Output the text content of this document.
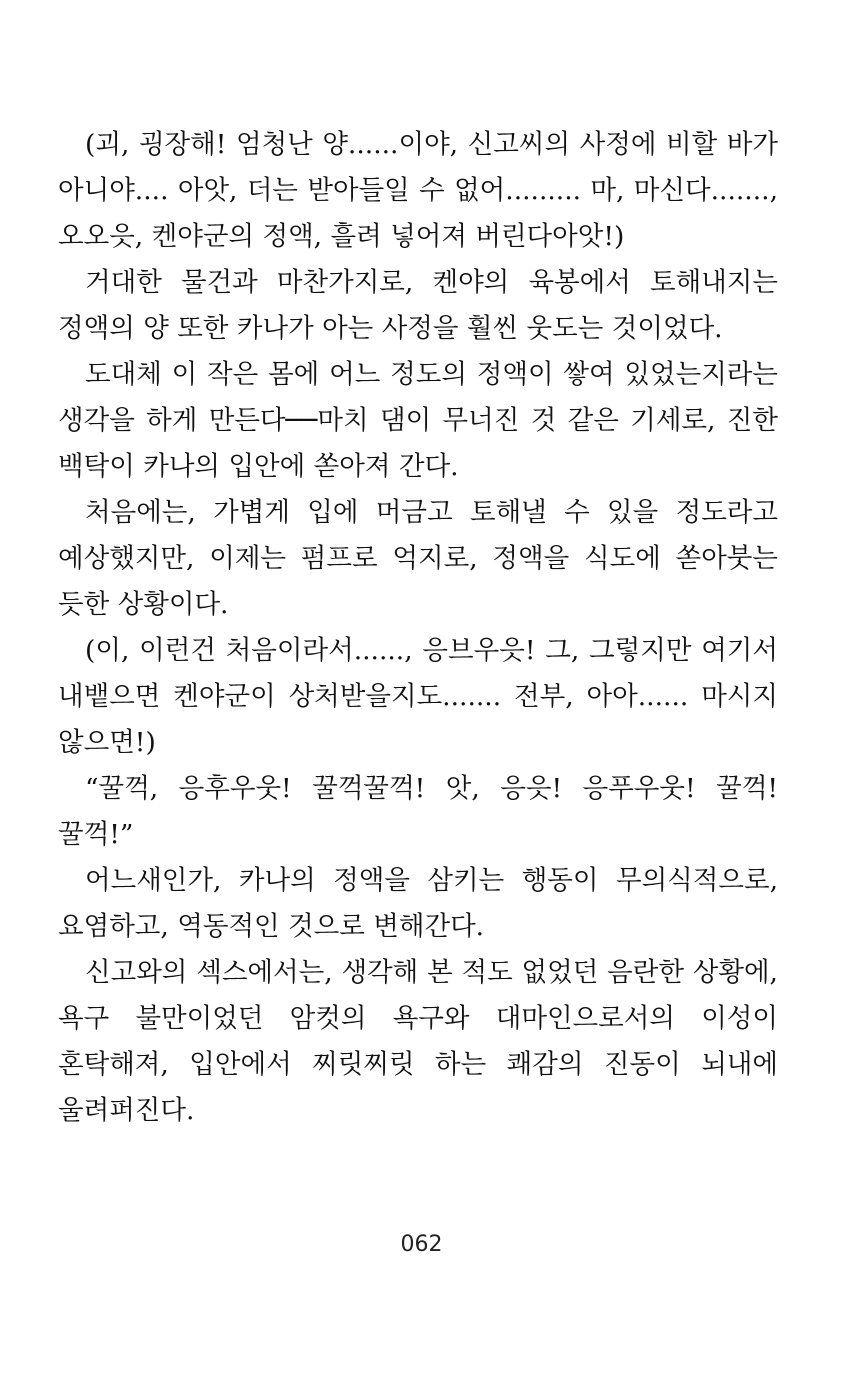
(괴, 굉장해! 엄청난 양......이야, 신고씨의 사정에 비할 바가 아니야.... 아앗, 더는 받아들일 수 없어......... 마, 마신다.......,오오읏, 켄야군의 정액, 흘려 넣어져 버린다아앗!)

거대한 물건과 마찬가지로, 켄야의 육봉에서 토해내지는 정액의 양 또한 카나가 아는 사정을 훨씬 웃도는 것이었다.

도대체 이 작은 몸에 어느 정도의 정액이 쌓여 있었는지라는 생각을 하게 만든다──마치 댐이 무너진 것 같은 기세로, 진한 백탁이 카나의 입안에 쏟아져 간다.

처음에는, 가볍게 입에 머금고 토해낼 수 있을 정도라고 예상했지만, 이제는 펌프로 억지로, 정액을 식도에 쏟아붓는 듯한 상황이다.

(이, 이런건 처음이라서......, 응브우읏! 그, 그렇지만 여기서 내뱉으면 켄야군이 상처받을지도....... 전부, 아아...... 마시지 않으면!)

“꿀꺽, 응후우웃! 꿀꺽꿀꺽! 앗, 응읏! 응푸우웃! 꿀꺽! 꿀꺽!”

어느새인가, 카나의 정액을 삼키는 행동이 무의식적으로, 요염하고, 역동적인 것으로 변해간다.

신고와의 섹스에서는, 생각해 본 적도 없었던 음란한 상황에, 욕구 불만이었던 암컷의 욕구와 대마인으로서의 이성이 혼탁해져, 입안에서 찌릿찌릿 하는 쾌감의 진동이 뇌내에 울려퍼진다.

062
